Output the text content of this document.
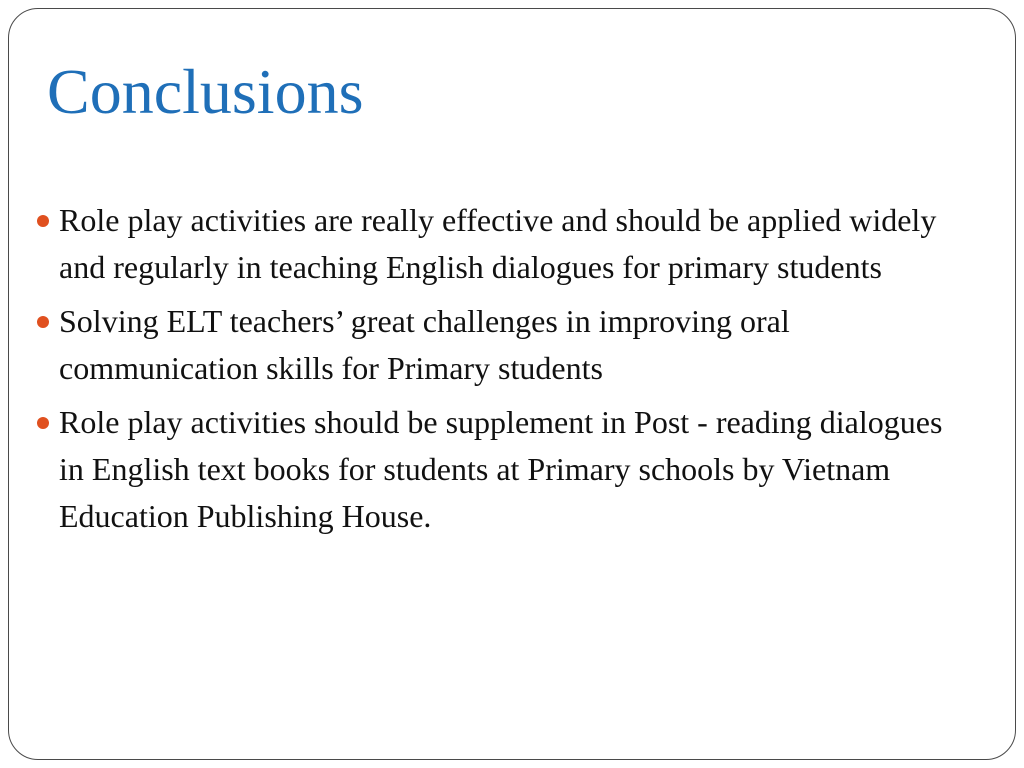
Conclusions
Role play activities are really effective and should be applied widely and regularly in teaching English dialogues for primary students
Solving ELT teachers’ great challenges in improving oral communication skills for Primary students
Role play activities should be supplement in Post - reading dialogues in English text books for students at Primary schools by Vietnam Education Publishing House.
